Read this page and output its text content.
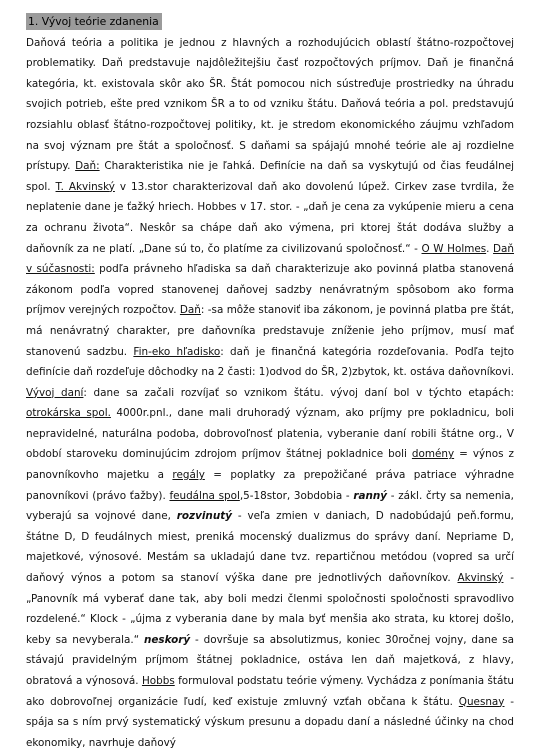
1. Vývoj teórie zdanenia
Daňová teória a politika je jednou z hlavných a rozhodujúcich oblastí štátno-rozpočtovej problematiky. Daň predstavuje najdôležitejšiu časť rozpočtových príjmov. Daň je finančná kategória, kt. existovala skôr ako ŠR. Štát pomocou nich sústreďuje prostriedky na úhradu svojich potrieb, ešte pred vznikom ŠR a to od vzniku štátu. Daňová teória a pol. predstavujú rozsiahlu oblasť štátno-rozpočtovej politiky, kt. je stredom ekonomického záujmu vzhľadom na svoj význam pre štát a spoločnosť. S daňami sa spájajú mnohé teórie ale aj rozdielne prístupy. Daň: Charakteristika nie je ľahká. Definície na daň sa vyskytujú od čias feudálnej spol. T. Akvinský v 13.stor charakterizoval daň ako dovolenú lúpež. Cirkev zase tvrdila, že neplatenie dane je ťažký hriech. Hobbes v 17. stor. - „daň je cena za vykúpenie mieru a cena za ochranu života“. Neskôr sa chápe daň ako výmena, pri ktorej štát dodáva služby a daňovník za ne platí. „Dane sú to, čo platíme za civilizovanú spoločnosť.“ - O W Holmes. Daň v súčasnosti: podľa právneho hľadiska sa daň charakterizuje ako povinná platba stanovená zákonom podľa vopred stanovenej daňovej sadzby nenávratným spôsobom ako forma príjmov verejných rozpočtov. Daň: -sa môže stanoviť iba zákonom, je povinná platba pre štát, má nenávratný charakter, pre daňovníka predstavuje zníženie jeho príjmov, musí mať stanovenú sadzbu. Fin-eko hľadisko: daň je finančná kategória rozdeľovania. Podľa tejto definície daň rozdeľuje dôchodky na 2 časti: 1)odvod do ŠR, 2)zbytok, kt. ostáva daňovníkovi. Vývoj daní: dane sa začali rozvíjať so vznikom štátu. vývoj daní bol v týchto etapách: otrokárska spol. 4000r.pnl., dane mali druhoradý význam, ako príjmy pre pokladnicu, boli nepravidelné, naturálna podoba, dobrovoľnosť platenia, vyberanie daní robili štátne org., V období staroveku dominujúcim zdrojom príjmov štátnej pokladnice boli domény = výnos z panovníkovho majetku a regály = poplatky za prepožičané práva patriace výhradne panovníkovi (právo ťažby). feudálna spol,5-18stor, 3obdobia - ranný - zákl. črty sa nemenia, vyberajú sa vojnové dane, rozvinutý - veľa zmien v daniach, D nadobúdajú peň.formu, štátne D, D feudálnych miest, preniká mocenský dualizmus do správy daní. Nepriame D, majetkové, výnosové. Mestám sa ukladajú dane tvz. repartičnou metódou (vopred sa určí daňový výnos a potom sa stanoví výška dane pre jednotlivých daňovníkov. Akvinský - „Panovník má vyberať dane tak, aby boli medzi členmi spoločnosti spoločnosti spravodlivo rozdelené.“ Klock - „újma z vyberania dane by mala byť menšia ako strata, ku ktorej došlo, keby sa nevyberala.“ neskorý - dovršuje sa absolutizmus, koniec 30ročnej vojny, dane sa stávajú pravidelným príjmom štátnej pokladnice, ostáva len daň majetková, z hlavy, obratová a výnosová. Hobbs formuloval podstatu teórie výmeny. Vychádza z ponímania štátu ako dobrovoľnej organizácie ľudí, keď existuje zmluvný vzťah občana k štátu. Quesnay - spája sa s ním prvý systematický výskum presunu a dopadu daní a následné účinky na chod ekonomiky, navrhuje daňový
